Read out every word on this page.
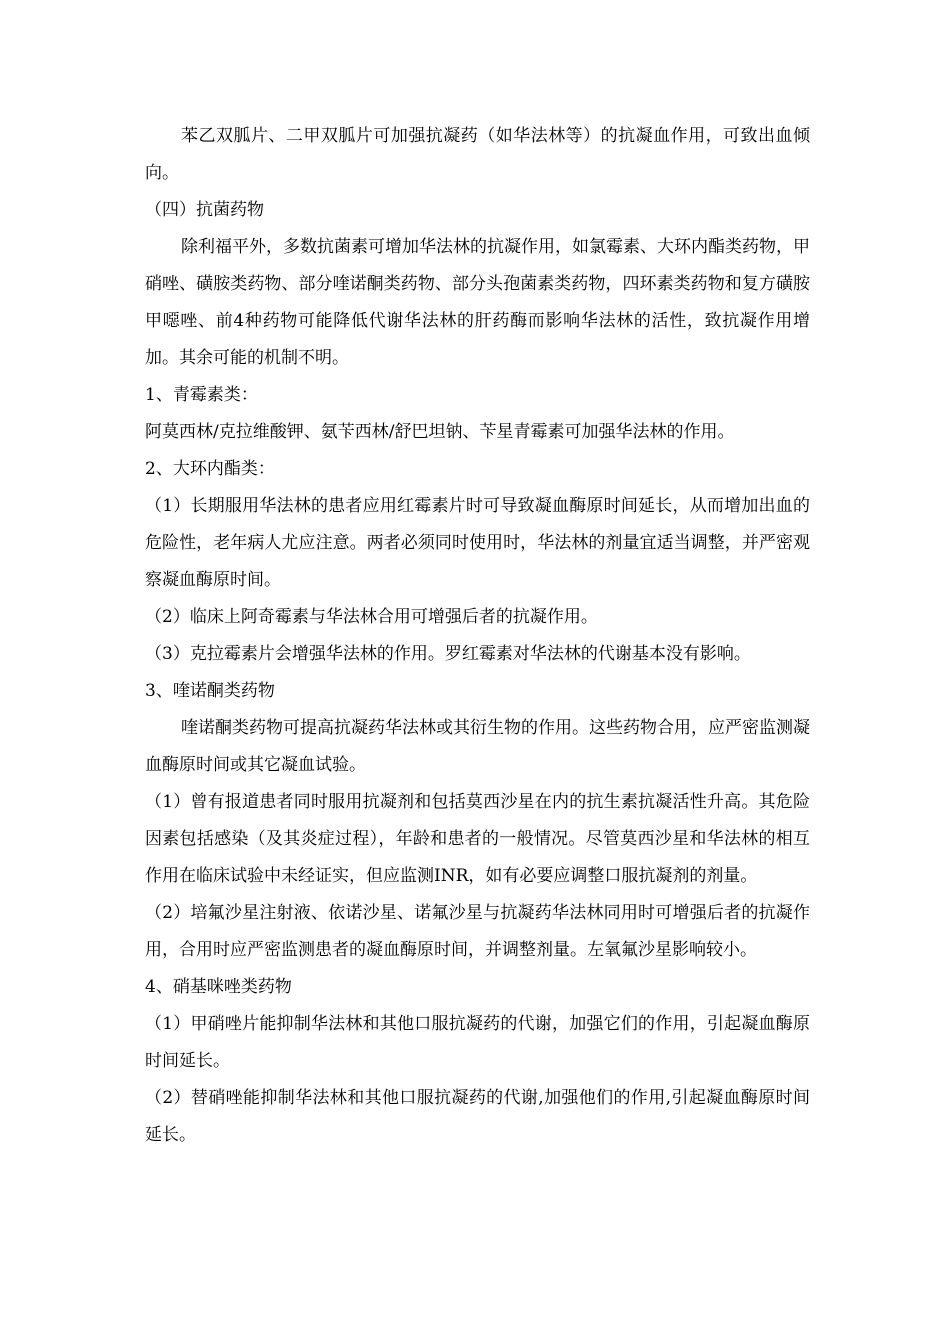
苯乙双胍片、二甲双胍片可加强抗凝药（如华法林等）的抗凝血作用，可致出血倾向。

（四）抗菌药物

除利福平外，多数抗菌素可增加华法林的抗凝作用，如氯霉素、大环内酯类药物，甲硝唑、磺胺类药物、部分喹诺酮类药物、部分头孢菌素类药物，四环素类药物和复方磺胺甲噁唑、前4种药物可能降低代谢华法林的肝药酶而影响华法林的活性，致抗凝作用增加。其余可能的机制不明。

1、青霉素类：

阿莫西林/克拉维酸钾、氨苄西林/舒巴坦钠、苄星青霉素可加强华法林的作用。

2、大环内酯类：

（1）长期服用华法林的患者应用红霉素片时可导致凝血酶原时间延长，从而增加出血的危险性，老年病人尤应注意。两者必须同时使用时，华法林的剂量宜适当调整，并严密观察凝血酶原时间。

（2）临床上阿奇霉素与华法林合用可增强后者的抗凝作用。

（3）克拉霉素片会增强华法林的作用。罗红霉素对华法林的代谢基本没有影响。

3、喹诺酮类药物

喹诺酮类药物可提高抗凝药华法林或其衍生物的作用。这些药物合用，应严密监测凝血酶原时间或其它凝血试验。

（1）曾有报道患者同时服用抗凝剂和包括莫西沙星在内的抗生素抗凝活性升高。其危险因素包括感染（及其炎症过程），年龄和患者的一般情况。尽管莫西沙星和华法林的相互作用在临床试验中未经证实，但应监测INR，如有必要应调整口服抗凝剂的剂量。

（2）培氟沙星注射液、依诺沙星、诺氟沙星与抗凝药华法林同用时可增强后者的抗凝作用，合用时应严密监测患者的凝血酶原时间，并调整剂量。左氧氟沙星影响较小。

4、硝基咪唑类药物

（1）甲硝唑片能抑制华法林和其他口服抗凝药的代谢，加强它们的作用，引起凝血酶原时间延长。

（2）替硝唑能抑制华法林和其他口服抗凝药的代谢,加强他们的作用,引起凝血酶原时间延长。
